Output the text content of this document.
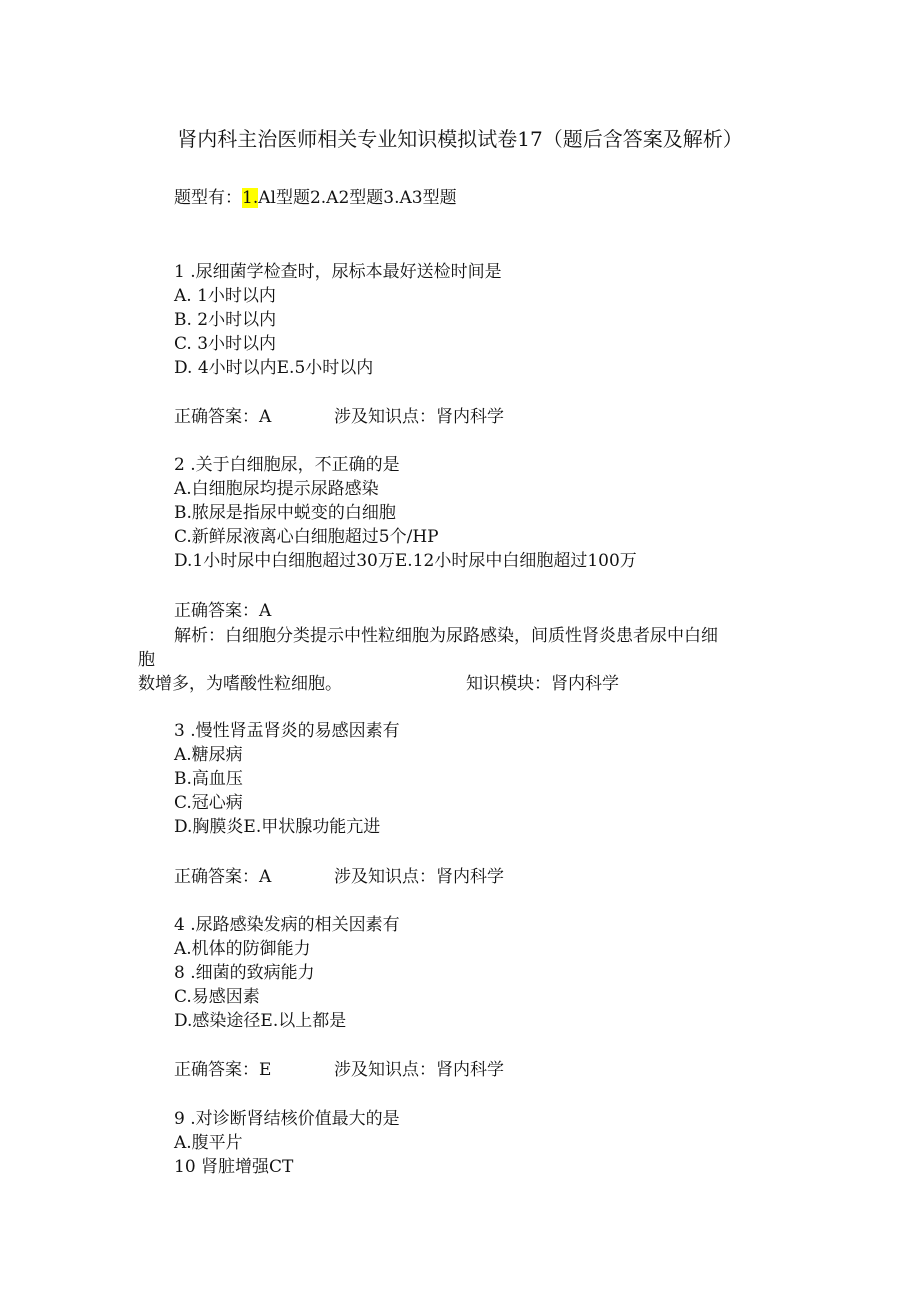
肾内科主治医师相关专业知识模拟试卷17（题后含答案及解析）
题型有：1.Al型题2.A2型题3.A3型题
1 .尿细菌学检查时，尿标本最好送检时间是
A. 1小时以内
B. 2小时以内
C. 3小时以内
D. 4小时以内E.5小时以内
正确答案：A	涉及知识点：肾内科学
2 .关于白细胞尿，不正确的是
A.白细胞尿均提示尿路感染
B.脓尿是指尿中蜕变的白细胞
C.新鲜尿液离心白细胞超过5个/HP
D.1小时尿中白细胞超过30万E.12小时尿中白细胞超过100万
正确答案：A
解析：白细胞分类提示中性粒细胞为尿路感染，间质性肾炎患者尿中白细
胞
数增多，为嗜酸性粒细胞。	知识模块：肾内科学
3 .慢性肾盂肾炎的易感因素有
A.糖尿病
B.高血压
C.冠心病
D.胸膜炎E.甲状腺功能亢进
正确答案：A	涉及知识点：肾内科学
4 .尿路感染发病的相关因素有
A.机体的防御能力
8 .细菌的致病能力
C.易感因素
D.感染途径E.以上都是
正确答案：E	涉及知识点：肾内科学
9 .对诊断肾结核价值最大的是
A.腹平片
10 肾脏增强CT
